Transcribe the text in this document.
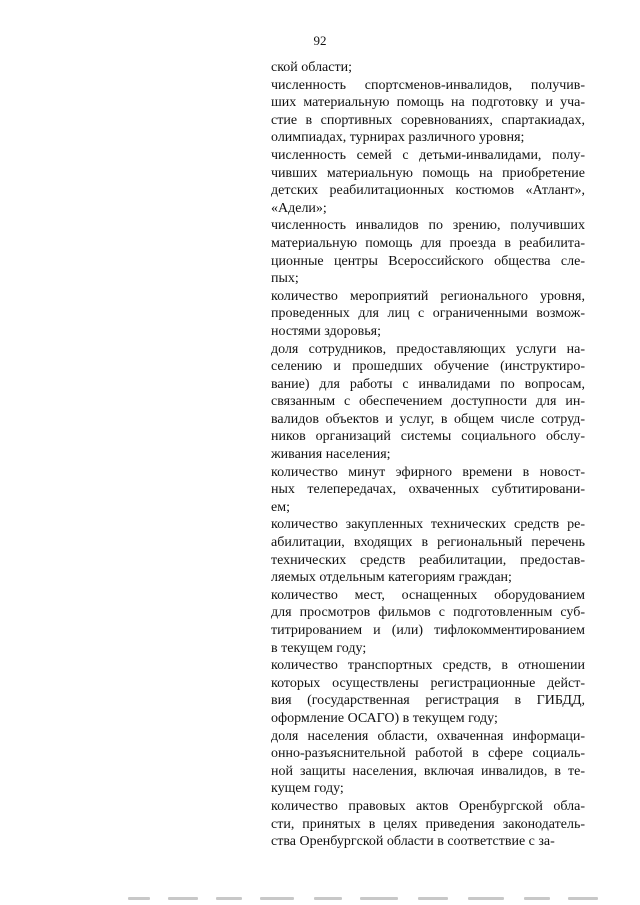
92
ской области;
численность спортсменов-инвалидов, получив-
ших материальную помощь на подготовку и уча-
стие в спортивных соревнованиях, спартакиадах,
олимпиадах, турнирах различного уровня;
численность семей с детьми-инвалидами, полу-
чивших материальную помощь на приобретение
детских реабилитационных костюмов «Атлант»,
«Адели»;
численность инвалидов по зрению, получивших
материальную помощь для проезда в реабилита-
ционные центры Всероссийского общества сле-
пых;
количество мероприятий регионального уровня,
проведенных для лиц с ограниченными возмож-
ностями здоровья;
доля сотрудников, предоставляющих услуги на-
селению и прошедших обучение (инструктиро-
вание) для работы с инвалидами по вопросам,
связанным с обеспечением доступности для ин-
валидов объектов и услуг, в общем числе сотруд-
ников организаций системы социального обслу-
живания населения;
количество минут эфирного времени в новост-
ных телепередачах, охваченных субтитировани-
ем;
количество закупленных технических средств ре-
абилитации, входящих в региональный перечень
технических средств реабилитации, предостав-
ляемых отдельным категориям граждан;
количество мест, оснащенных оборудованием
для просмотров фильмов с подготовленным суб-
титрированием и (или) тифлокомментированием
в текущем году;
количество транспортных средств, в отношении
которых осуществлены регистрационные дейст-
вия (государственная регистрация в ГИБДД,
оформление ОСАГО) в текущем году;
доля населения области, охваченная информаци-
онно-разъяснительной работой в сфере социаль-
ной защиты населения, включая инвалидов, в те-
кущем году;
количество правовых актов Оренбургской обла-
сти, принятых в целях приведения законодатель-
ства Оренбургской области в соответствие с за-
